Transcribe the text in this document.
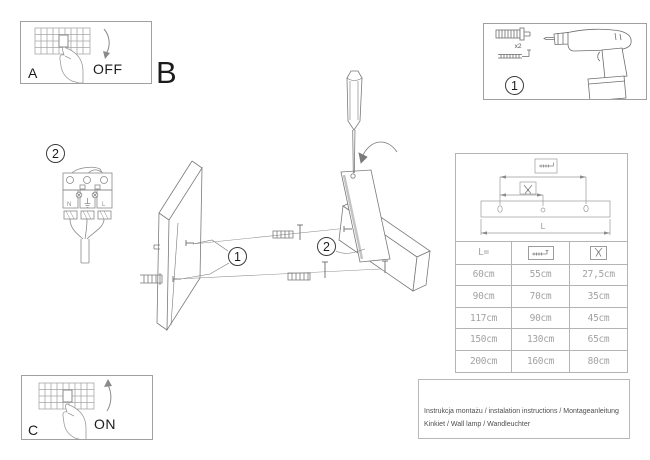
A	OFF B
2
N	L
C	ON
x2
1
1
2
L
L=
60cm	55cm	27,5cm
90cm	70cm	35cm
117cm	90cm	45cm
150cm	130cm	65cm
200cm	160cm	80cm
Instrukcja montażu / instalation instructions / Montageanleitung
Kinkiet / Wall lamp / Wandleuchter
